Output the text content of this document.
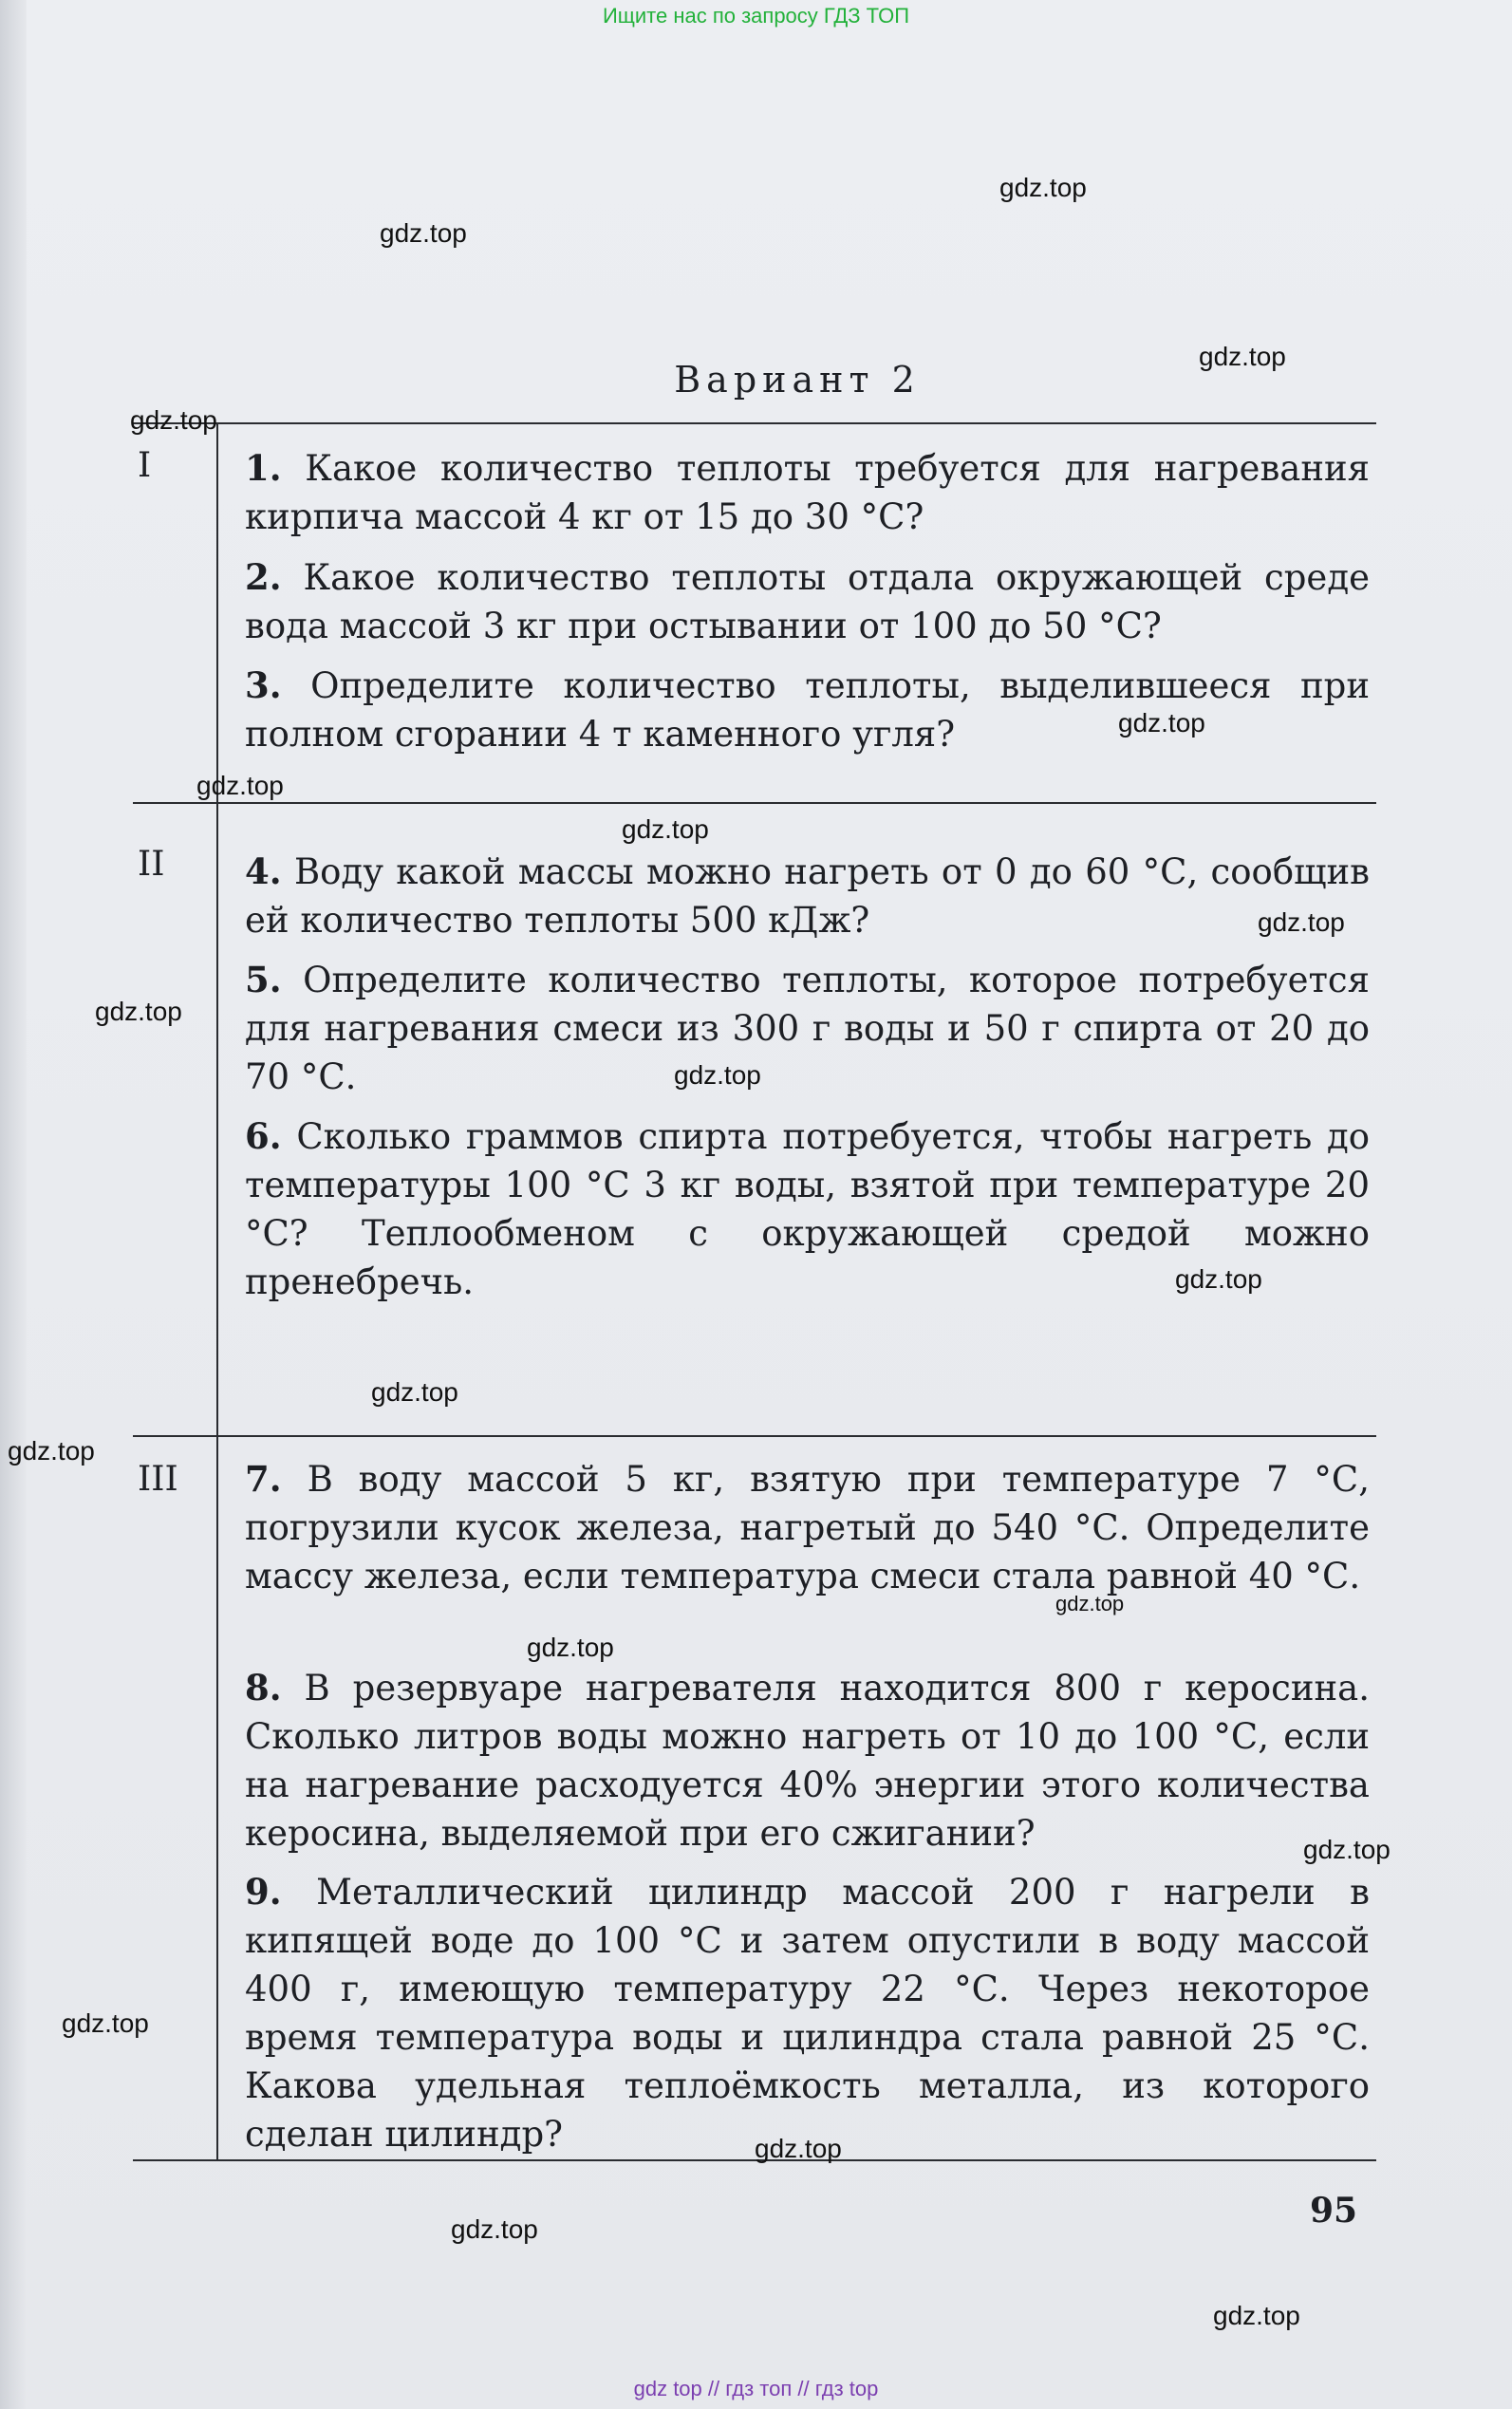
Ищите нас по запросу ГДЗ ТОП
Вариант 2
I
II
III
1. Какое количество теплоты требуется для нагревания кирпича массой 4 кг от 15 до 30 °С?
2. Какое количество теплоты отдала окружающей среде вода массой 3 кг при остывании от 100 до 50 °С?
3. Определите количество теплоты, выделившееся при полном сгорании 4 т каменного угля?
4. Воду какой массы можно нагреть от 0 до 60 °С, сообщив ей количество теплоты 500 кДж?
5. Определите количество теплоты, которое потребуется для нагревания смеси из 300 г воды и 50 г спирта от 20 до 70 °С.
6. Сколько граммов спирта потребуется, чтобы нагреть до температуры 100 °С 3 кг воды, взятой при температуре 20 °С? Теплообменом с окружающей средой можно пренебречь.
7. В воду массой 5 кг, взятую при температуре 7 °С, погрузили кусок железа, нагретый до 540 °С. Определите массу железа, если температура смеси стала равной 40 °С.
8. В резервуаре нагревателя находится 800 г керосина. Сколько литров воды можно нагреть от 10 до 100 °С, если на нагревание расходуется 40% энергии этого количества керосина, выделяемой при его сжигании?
9. Металлический цилиндр массой 200 г нагрели в кипящей воде до 100 °С и затем опустили в воду массой 400 г, имеющую температуру 22 °С. Через некоторое время температура воды и цилиндра стала равной 25 °С. Какова удельная теплоёмкость металла, из которого сделан цилиндр?
95
gdz.top
gdz.top
gdz.top
gdz.top
gdz.top
gdz.top
gdz.top
gdz.top
gdz.top
gdz.top
gdz.top
gdz.top
gdz.top
gdz.top
gdz.top
gdz.top
gdz.top
gdz.top
gdz.top
gdz.top
gdz top // гдз топ // гдз top
